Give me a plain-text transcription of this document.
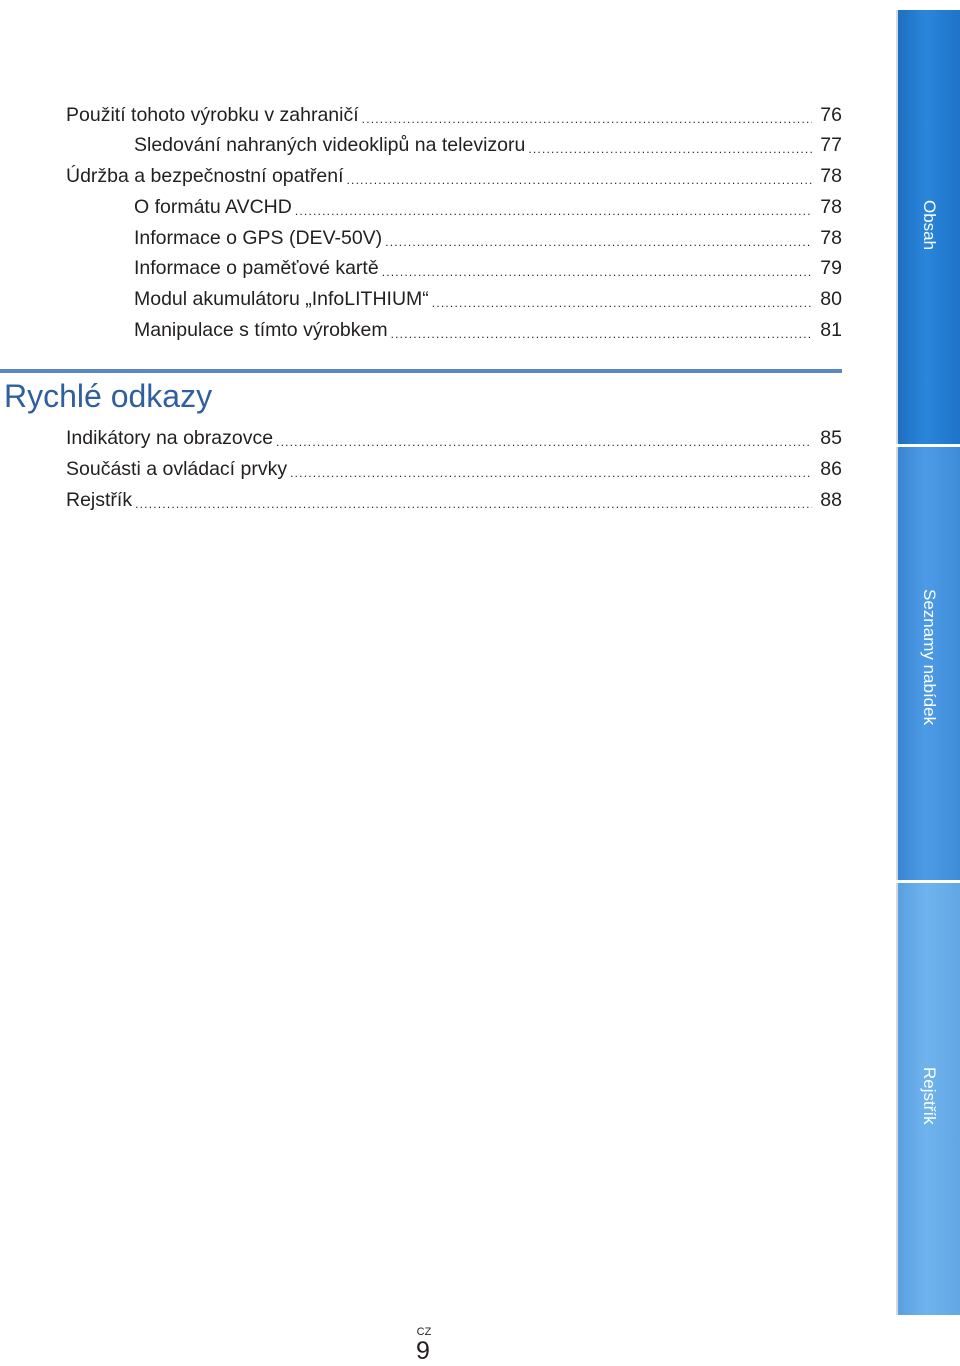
Použití tohoto výrobku v zahraničí .....	76
Sledování nahraných videoklipů na televizoru .....	77
Údržba a bezpečnostní opatření .....	78
O formátu AVCHD .....	78
Informace o GPS (DEV-50V) .....	78
Informace o paměťové kartě .....	79
Modul akumulátoru „InfoLITHIUM“ .....	80
Manipulace s tímto výrobkem .....	81
Rychlé odkazy
Indikátory na obrazovce .....	85
Součásti a ovládací prvky .....	86
Rejstřík .....	88
Obsah
Seznamy nabídek
Rejstřík
CZ
9
